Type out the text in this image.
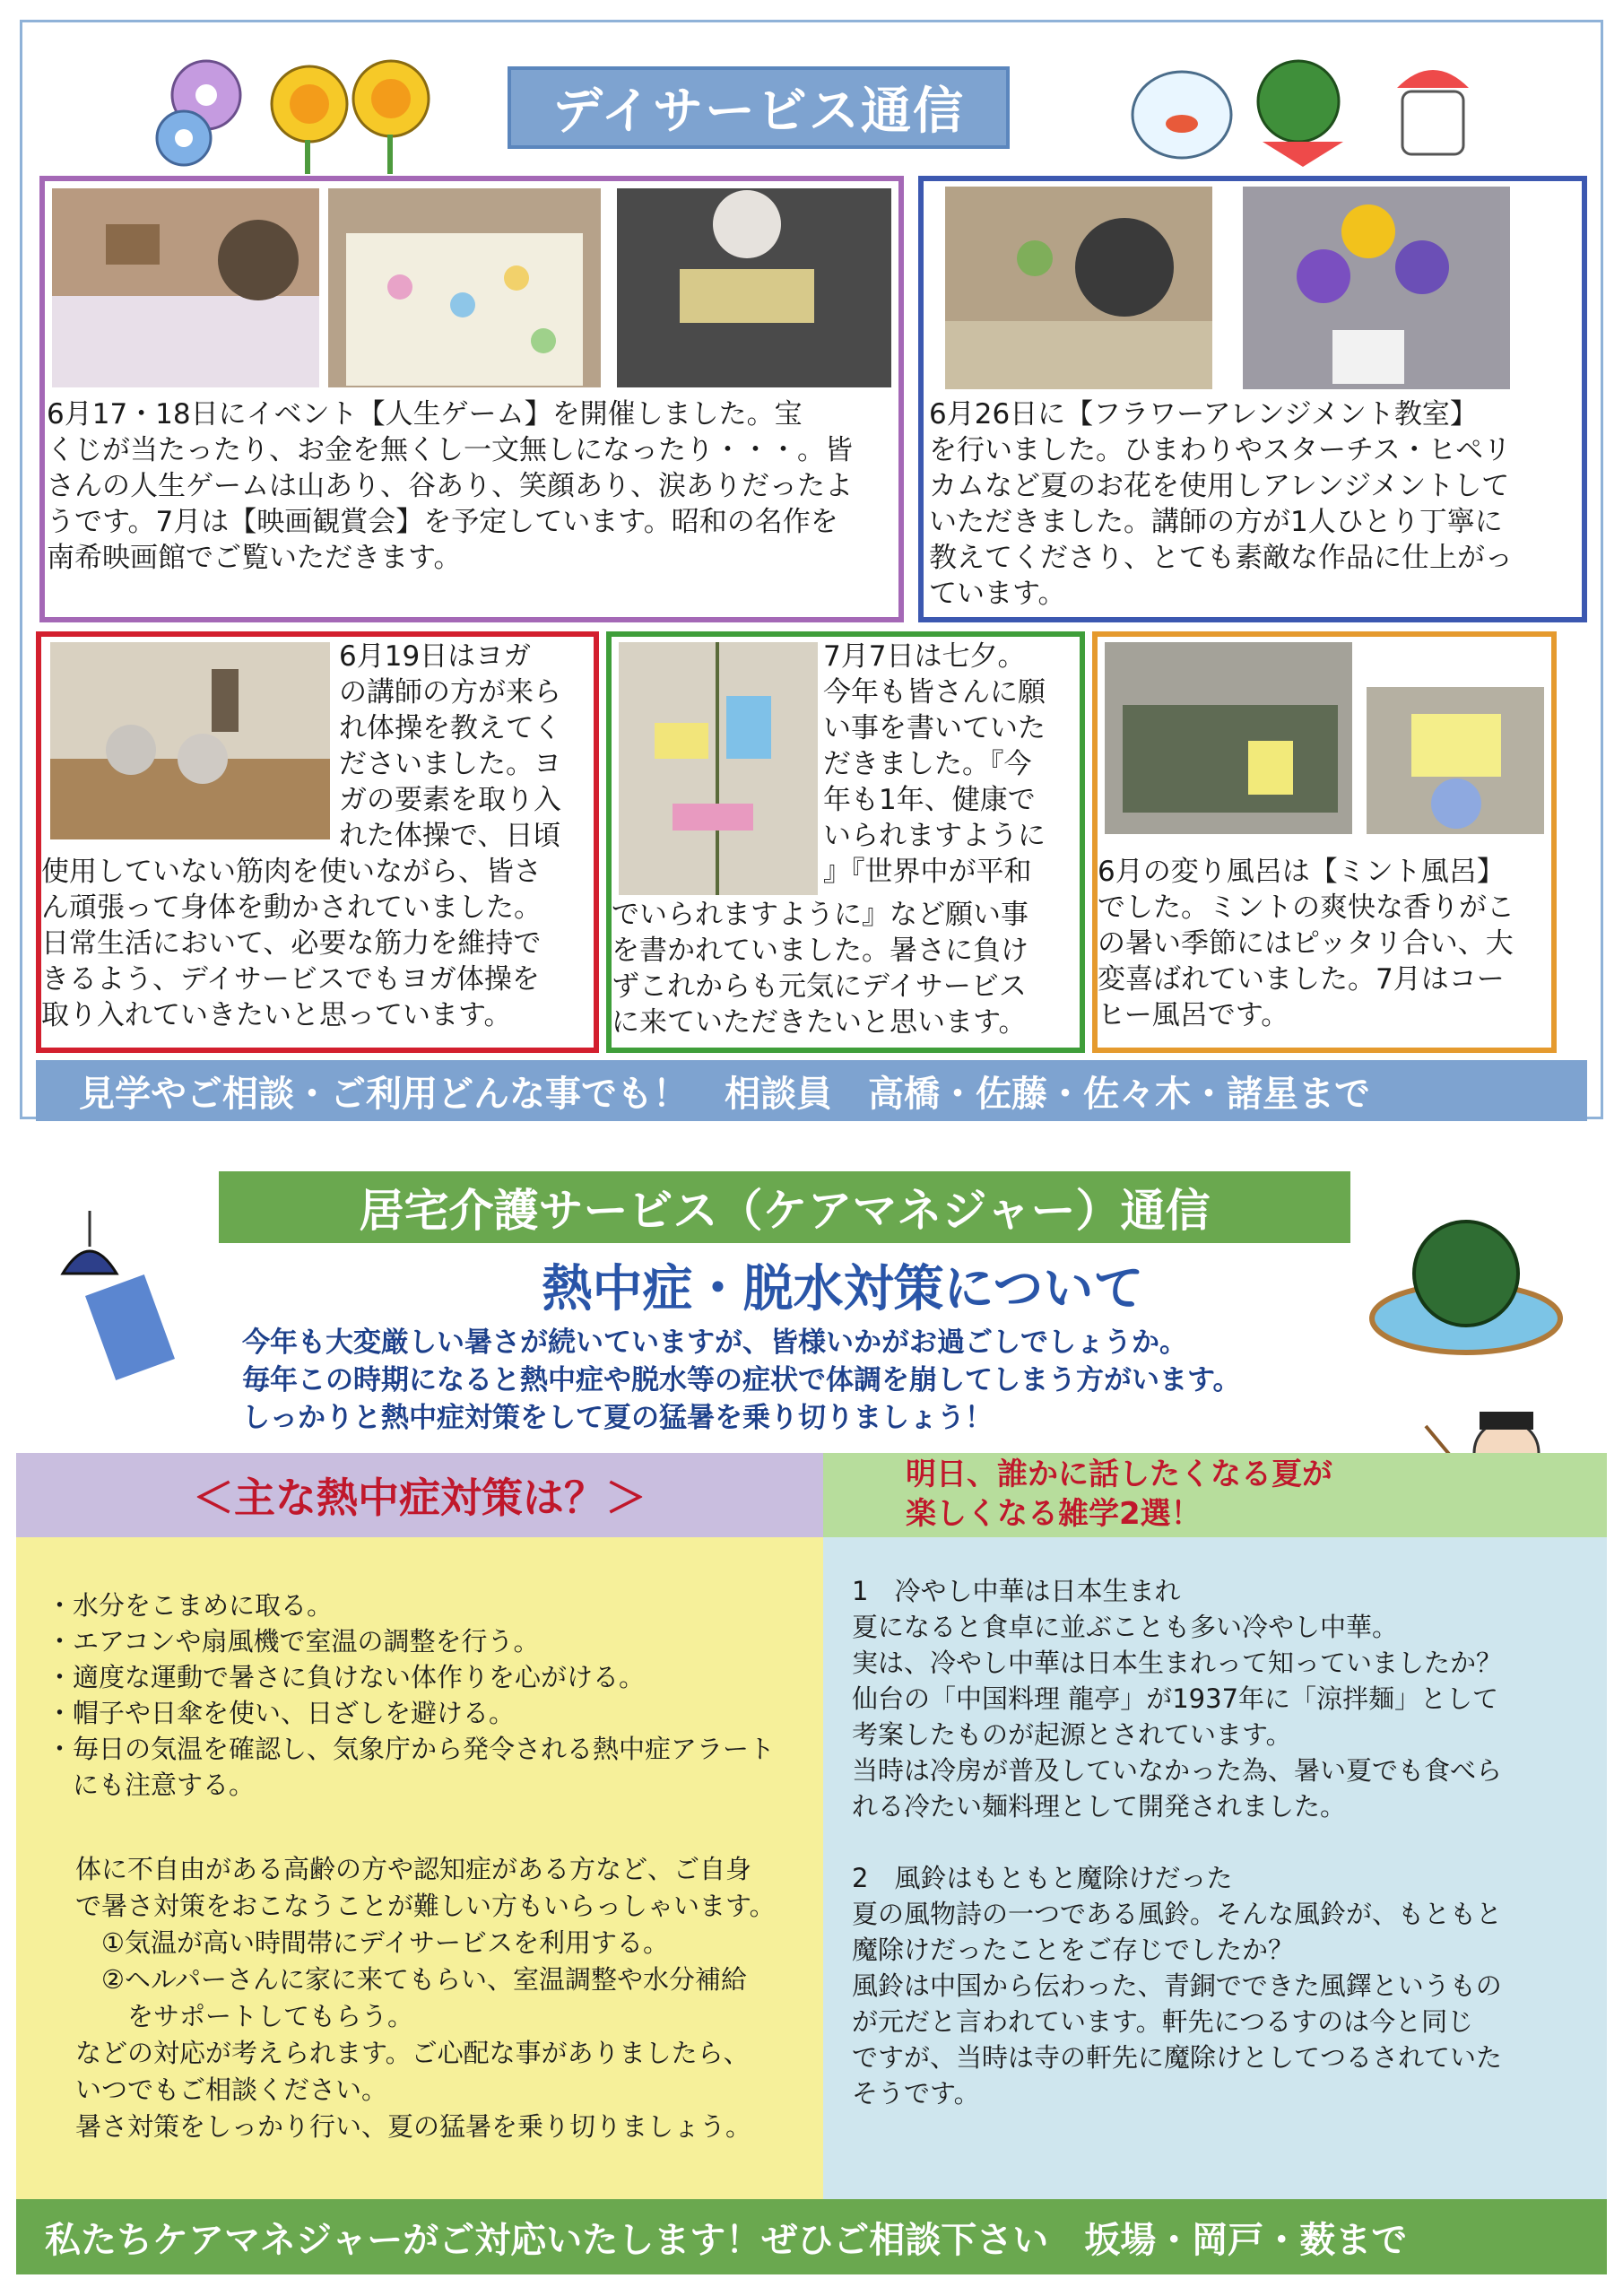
デイサービス通信
6月17・18日にイベント【人生ゲーム】を開催しました。宝
くじが当たったり、お金を無くし一文無しになったり・・・。皆
さんの人生ゲームは山あり、谷あり、笑顔あり、涙ありだったよ
うです。7月は【映画観賞会】を予定しています。昭和の名作を
南希映画館でご覧いただきます。
6月26日に【フラワーアレンジメント教室】
を行いました。ひまわりやスターチス・ヒペリ
カムなど夏のお花を使用しアレンジメントして
いただきました。講師の方が1人ひとり丁寧に
教えてくださり、とても素敵な作品に仕上がっ
ています。
6月19日はヨガ
の講師の方が来ら
れ体操を教えてく
ださいました。ヨ
ガの要素を取り入
れた体操で、日頃
使用していない筋肉を使いながら、皆さ
ん頑張って身体を動かされていました。
日常生活において、必要な筋力を維持で
きるよう、デイサービスでもヨガ体操を
取り入れていきたいと思っています。
7月7日は七夕。
今年も皆さんに願
い事を書いていた
だきました。『今
年も1年、健康で
いられますように
』『世界中が平和
でいられますように』など願い事
を書かれていました。暑さに負け
ずこれからも元気にデイサービス
に来ていただきたいと思います。
6月の変り風呂は【ミント風呂】
でした。ミントの爽快な香りがこ
の暑い季節にはピッタリ合い、大
変喜ばれていました。7月はコー
ヒー風呂です。
見学やご相談・ご利用どんな事でも！　相談員　高橋・佐藤・佐々木・諸星まで
居宅介護サービス（ケアマネジャー）通信
熱中症・脱水対策について
今年も大変厳しい暑さが続いていますが、皆様いかがお過ごしでしょうか。
毎年この時期になると熱中症や脱水等の症状で体調を崩してしまう方がいます。
しっかりと熱中症対策をして夏の猛暑を乗り切りましょう！
＜主な熱中症対策は？＞	明日、誰かに話したくなる夏が
楽しくなる雑学2選！
・水分をこまめに取る。
・エアコンや扇風機で室温の調整を行う。
・適度な運動で暑さに負けない体作りを心がける。
・帽子や日傘を使い、日ざしを避ける。
・毎日の気温を確認し、気象庁から発令される熱中症アラート
　にも注意する。
体に不自由がある高齢の方や認知症がある方など、ご自身
で暑さ対策をおこなうことが難しい方もいらっしゃいます。
　①気温が高い時間帯にデイサービスを利用する。
　②ヘルパーさんに家に来てもらい、室温調整や水分補給
　　をサポートしてもらう。
などの対応が考えられます。ご心配な事がありましたら、
いつでもご相談ください。
暑さ対策をしっかり行い、夏の猛暑を乗り切りましょう。
1　冷やし中華は日本生まれ
夏になると食卓に並ぶことも多い冷やし中華。
実は、冷やし中華は日本生まれって知っていましたか？
仙台の「中国料理 龍亭」が1937年に「涼拌麺」として
考案したものが起源とされています。
当時は冷房が普及していなかった為、暑い夏でも食べら
れる冷たい麺料理として開発されました。

2　風鈴はもともと魔除けだった
夏の風物詩の一つである風鈴。そんな風鈴が、もともと
魔除けだったことをご存じでしたか？
風鈴は中国から伝わった、青銅でできた風鐸というもの
が元だと言われています。軒先につるすのは今と同じ
ですが、当時は寺の軒先に魔除けとしてつるされていた
そうです。
私たちケアマネジャーがご対応いたします！ぜひご相談下さい　坂場・岡戸・薮まで
